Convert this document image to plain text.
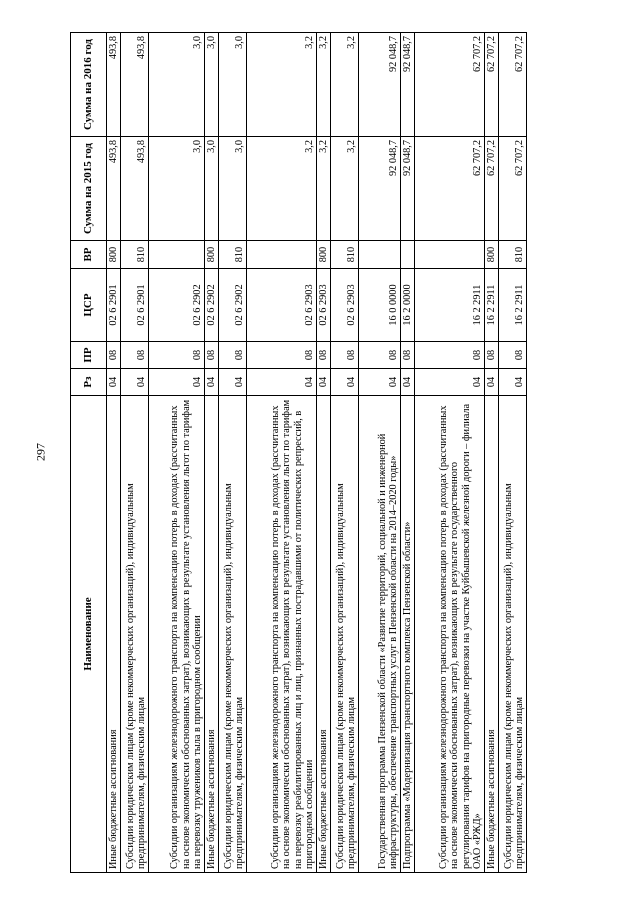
297
Наименование	Рз	ПР	ЦСР	ВР	Сумма на 2015 год	Сумма на 2016 год
Иные бюджетные ассигнования	04	08	02 6 2901	800	493,8	493,8
Субсидии юридическим лицам (кроме некоммерческих организаций), индивидуальным предпринимателям, физическим лицам	04	08	02 6 2901	810	493,8	493,8
Субсидии организациям железнодорожного транспорта на компенсацию потерь в доходах (рассчитанных на основе экономически обоснованных затрат), возникающих в результате установления льгот по тарифам на перевозку тружеников тыла в пригородном сообщении	04	08	02 6 2902		3,0	3,0
Иные бюджетные ассигнования	04	08	02 6 2902	800	3,0	3,0
Субсидии юридическим лицам (кроме некоммерческих организаций), индивидуальным предпринимателям, физическим лицам	04	08	02 6 2902	810	3,0	3,0
Субсидии организациям железнодорожного транспорта на компенсацию потерь в доходах (рассчитанных на основе экономически обоснованных затрат), возникающих в результате установления льгот по тарифам на перевозку реабилитированных лиц и лиц, признанных пострадавшими от политических репрессий, в пригородном сообщении	04	08	02 6 2903		3,2	3,2
Иные бюджетные ассигнования	04	08	02 6 2903	800	3,2	3,2
Субсидии юридическим лицам (кроме некоммерческих организаций), индивидуальным предпринимателям, физическим лицам	04	08	02 6 2903	810	3,2	3,2
Государственная программа Пензенской области «Развитие территорий, социальной и инженерной инфраструктуры, обеспечение транспортных услуг в Пензенской области на 2014–2020 годы»	04	08	16 0 0000		92 048,7	92 048,7
Подпрограмма «Модернизация транспортного комплекса Пензенской области»	04	08	16 2 0000		92 048,7	92 048,7
Субсидии организациям железнодорожного транспорта на компенсацию потерь в доходах (рассчитанных на основе экономически обоснованных затрат), возникающих в результате государственного регулирования тарифов на пригородные перевозки на участке Куйбышевской железной дороги – филиала ОАО «РЖД»	04	08	16 2 2911		62 707,2	62 707,2
Иные бюджетные ассигнования	04	08	16 2 2911	800	62 707,2	62 707,2
Субсидии юридическим лицам (кроме некоммерческих организаций), индивидуальным предпринимателям, физическим лицам	04	08	16 2 2911	810	62 707,2	62 707,2
